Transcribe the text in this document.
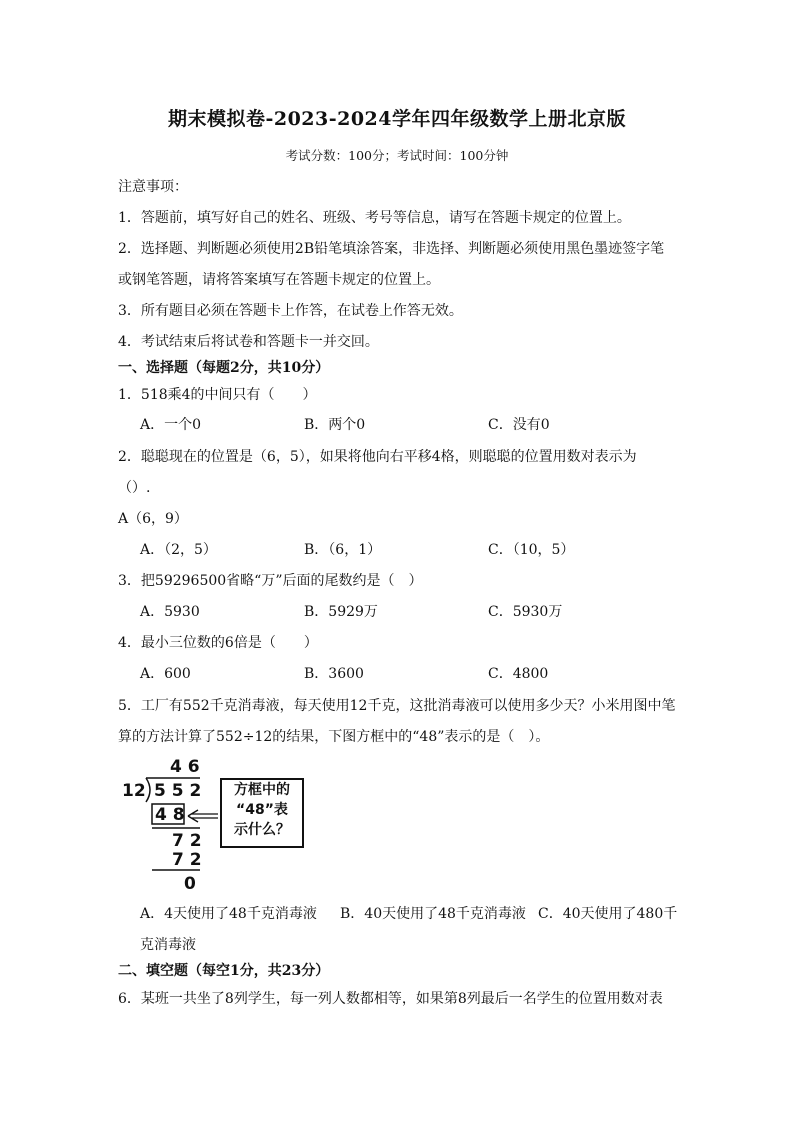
期末模拟卷-2023-2024学年四年级数学上册北京版
考试分数：100分；考试时间：100分钟
注意事项：
1．答题前，填写好自己的姓名、班级、考号等信息，请写在答题卡规定的位置上。
2．选择题、判断题必须使用2B铅笔填涂答案，非选择、判断题必须使用黑色墨迹签字笔
或钢笔答题，请将答案填写在答题卡规定的位置上。
3．所有题目必须在答题卡上作答，在试卷上作答无效。
4．考试结束后将试卷和答题卡一并交回。
一、选择题（每题2分，共10分）
1．518乘4的中间只有（　　）
A．一个0	B．两个0	C．没有0
2．聪聪现在的位置是（6，5），如果将他向右平移4格，则聪聪的位置用数对表示为
（）.
A（6，9）
A．（2，5）	B．（6，1）	C．（10，5）
3．把59296500省略“万”后面的尾数约是（　）
A．5930	B．5929万	C．5930万
4．最小三位数的6倍是（　　）
A．600	B．3600	C．4800
5．工厂有552千克消毒液，每天使用12千克，这批消毒液可以使用多少天？小米用图中笔
算的方法计算了552÷12的结果，下图方框中的“48”表示的是（　）。
4 6
12 5 5 2
4 8
7 2
7 2
0
方框中的
“48”表
示什么？
A．4天使用了48千克消毒液 B．40天使用了48千克消毒液 C．40天使用了480千
克消毒液
二、填空题（每空1分，共23分）
6．某班一共坐了8列学生，每一列人数都相等，如果第8列最后一名学生的位置用数对表
